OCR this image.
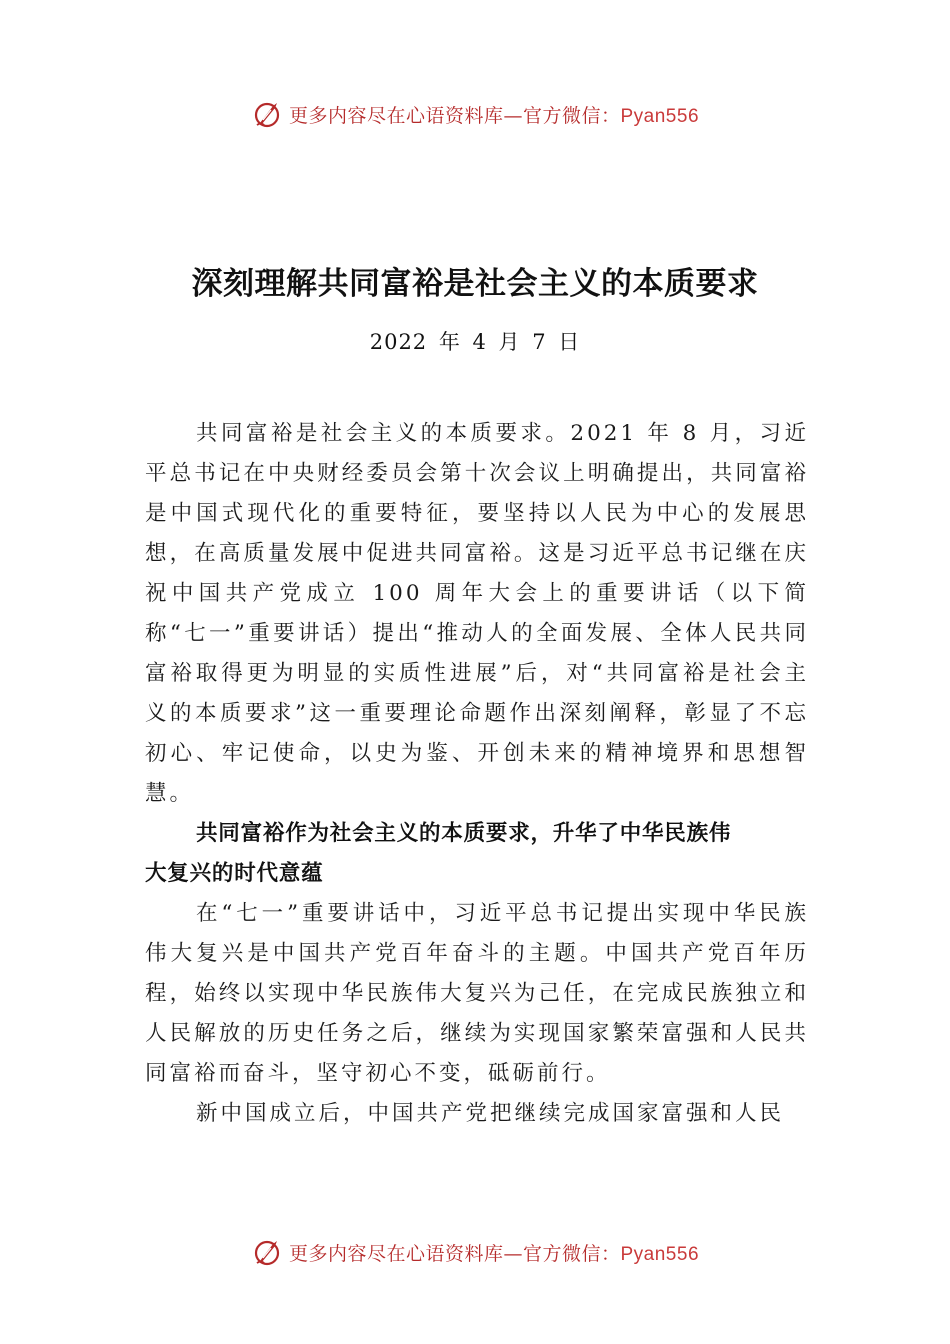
更多内容尽在心语资料库—官方微信：Pyan556
深刻理解共同富裕是社会主义的本质要求
2022 年 4 月 7 日

共同富裕是社会主义的本质要求。2021 年 8 月，习近平总书记在中央财经委员会第十次会议上明确提出，共同富裕是中国式现代化的重要特征，要坚持以人民为中心的发展思想，在高质量发展中促进共同富裕。这是习近平总书记继在庆祝中国共产党成立 100 周年大会上的重要讲话（以下简称“七一”重要讲话）提出“推动人的全面发展、全体人民共同富裕取得更为明显的实质性进展”后，对“共同富裕是社会主义的本质要求”这一重要理论命题作出深刻阐释，彰显了不忘初心、牢记使命，以史为鉴、开创未来的精神境界和思想智慧。

共同富裕作为社会主义的本质要求，升华了中华民族伟
大复兴的时代意蕴

在“七一”重要讲话中，习近平总书记提出实现中华民族伟大复兴是中国共产党百年奋斗的主题。中国共产党百年历程，始终以实现中华民族伟大复兴为己任，在完成民族独立和人民解放的历史任务之后，继续为实现国家繁荣富强和人民共同富裕而奋斗，坚守初心不变，砥砺前行。

新中国成立后，中国共产党把继续完成国家富强和人民

更多内容尽在心语资料库—官方微信：Pyan556
